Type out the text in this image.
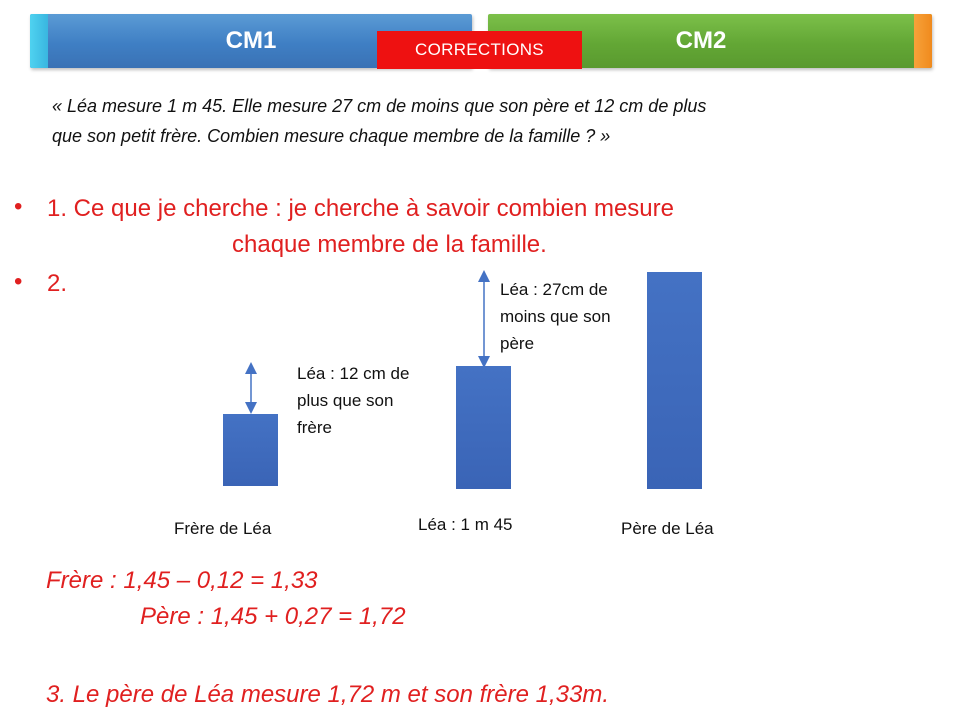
CM1	CM2
CORRECTIONS
« Léa mesure 1 m 45. Elle mesure 27 cm de moins que son père et 12 cm de plus
que son petit frère. Combien mesure chaque membre de la famille ? »
• 1. Ce que je cherche : je cherche à savoir combien mesure
chaque membre de la famille.
• 2.
Léa : 12 cm de
plus que son
frère
Léa : 27cm de
moins que son
père
Frère de Léa	Léa : 1 m 45	Père de Léa
Frère : 1,45 – 0,12 = 1,33
Père : 1,45 + 0,27 = 1,72
3. Le père de Léa mesure 1,72 m et son frère 1,33m.
